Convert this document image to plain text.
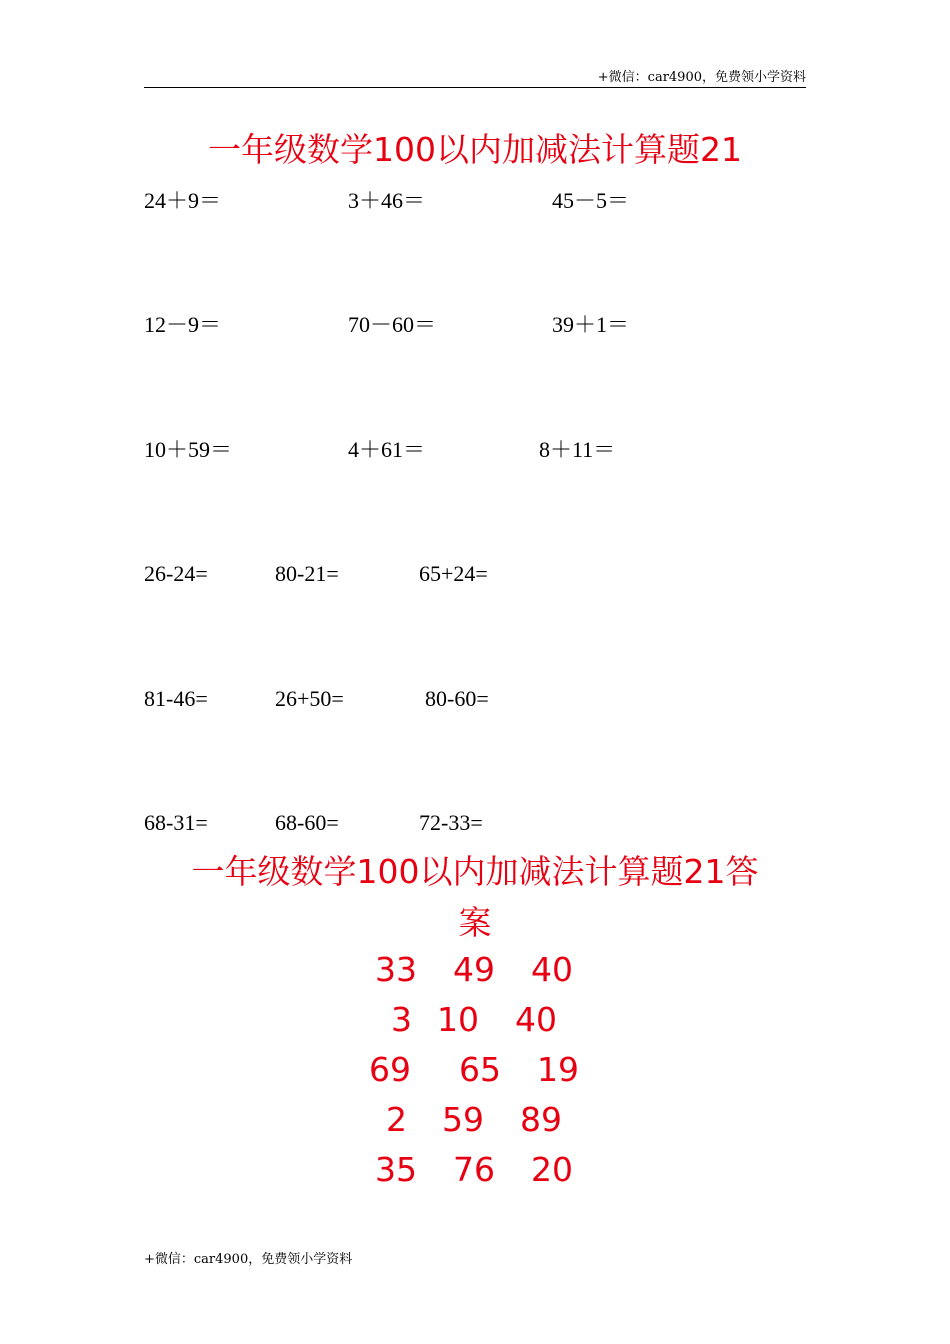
+微信：car4900，免费领小学资料
一年级数学100以内加减法计算题21
24＋9＝	3＋46＝	45－5＝
12－9＝	70－60＝	39＋1＝
10＋59＝	4＋61＝	8＋11＝
26-24=	80-21=	65+24=
81-46=	26+50=	80-60=
68-31=	68-60=	72-33=
一年级数学100以内加减法计算题21答
案
33 49 40
3 10 40
69 65 19
2 59 89
35 76 20
+微信：car4900，免费领小学资料
